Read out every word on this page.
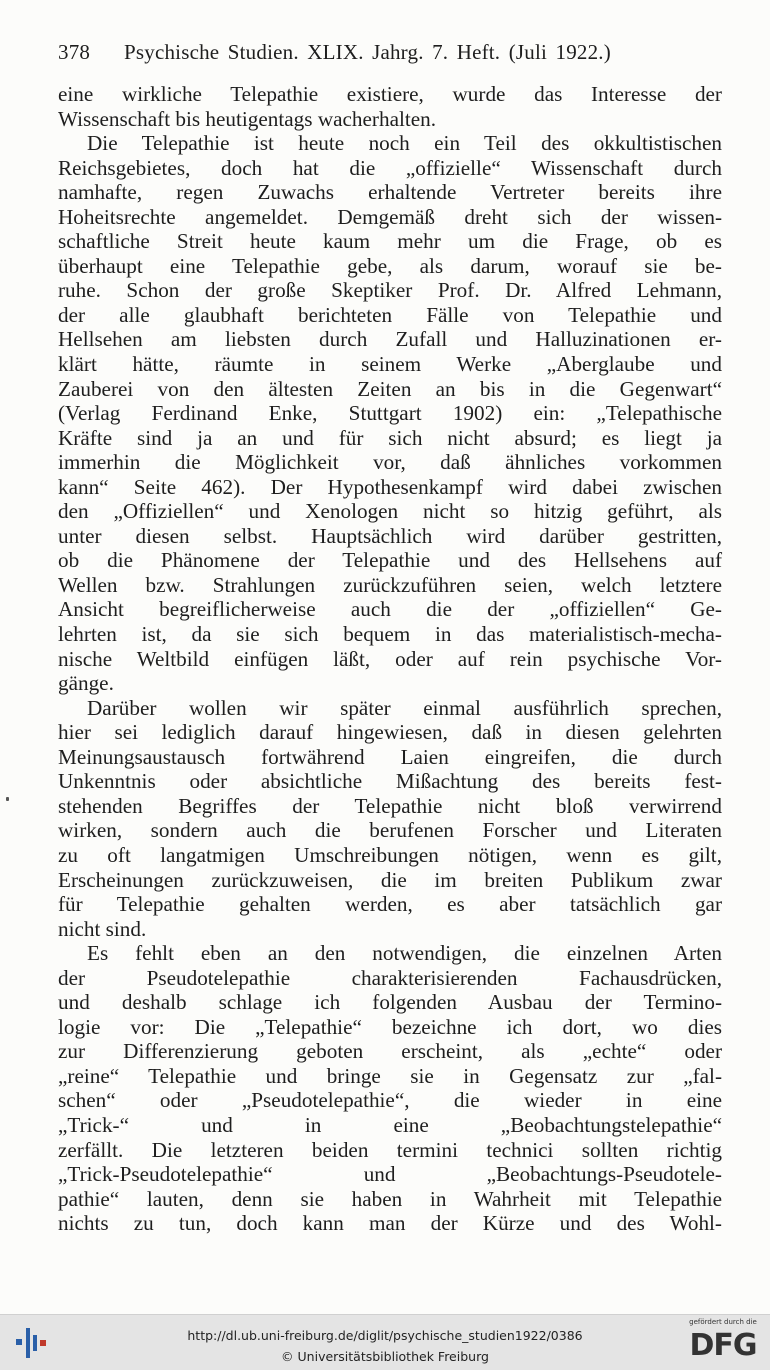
378 Psychische Studien. XLIX. Jahrg. 7. Heft. (Juli 1922.)
eine wirkliche Telepathie existiere, wurde das Interesse der
Wissenschaft bis heutigentags wacherhalten.
Die Telepathie ist heute noch ein Teil des okkultistischen
Reichsgebietes, doch hat die „offizielle“ Wissenschaft durch
namhafte, regen Zuwachs erhaltende Vertreter bereits ihre
Hoheitsrechte angemeldet. Demgemäß dreht sich der wissen-
schaftliche Streit heute kaum mehr um die Frage, ob es
überhaupt eine Telepathie gebe, als darum, worauf sie be-
ruhe. Schon der große Skeptiker Prof. Dr. Alfred Lehmann,
der alle glaubhaft berichteten Fälle von Telepathie und
Hellsehen am liebsten durch Zufall und Halluzinationen er-
klärt hätte, räumte in seinem Werke „Aberglaube und
Zauberei von den ältesten Zeiten an bis in die Gegenwart“
(Verlag Ferdinand Enke, Stuttgart 1902) ein: „Telepathische
Kräfte sind ja an und für sich nicht absurd; es liegt ja
immerhin die Möglichkeit vor, daß ähnliches vorkommen
kann“ Seite 462). Der Hypothesenkampf wird dabei zwischen
den „Offiziellen“ und Xenologen nicht so hitzig geführt, als
unter diesen selbst. Hauptsächlich wird darüber gestritten,
ob die Phänomene der Telepathie und des Hellsehens auf
Wellen bzw. Strahlungen zurückzuführen seien, welch letztere
Ansicht begreiflicherweise auch die der „offiziellen“ Ge-
lehrten ist, da sie sich bequem in das materialistisch-mecha-
nische Weltbild einfügen läßt, oder auf rein psychische Vor-
gänge.
Darüber wollen wir später einmal ausführlich sprechen,
hier sei lediglich darauf hingewiesen, daß in diesen gelehrten
Meinungsaustausch fortwährend Laien eingreifen, die durch
Unkenntnis oder absichtliche Mißachtung des bereits fest-
stehenden Begriffes der Telepathie nicht bloß verwirrend
wirken, sondern auch die berufenen Forscher und Literaten
zu oft langatmigen Umschreibungen nötigen, wenn es gilt,
Erscheinungen zurückzuweisen, die im breiten Publikum zwar
für Telepathie gehalten werden, es aber tatsächlich gar
nicht sind.
Es fehlt eben an den notwendigen, die einzelnen Arten
der Pseudotelepathie charakterisierenden Fachausdrücken,
und deshalb schlage ich folgenden Ausbau der Termino-
logie vor: Die „Telepathie“ bezeichne ich dort, wo dies
zur Differenzierung geboten erscheint, als „echte“ oder
„reine“ Telepathie und bringe sie in Gegensatz zur „fal-
schen“ oder „Pseudotelepathie“, die wieder in eine
„Trick-“ und in eine „Beobachtungstelepathie“
zerfällt. Die letzteren beiden termini technici sollten richtig
„Trick-Pseudotelepathie“ und „Beobachtungs-Pseudotele-
pathie“ lauten, denn sie haben in Wahrheit mit Telepathie
nichts zu tun, doch kann man der Kürze und des Wohl-
http://dl.ub.uni-freiburg.de/diglit/psychische_studien1922/0386
© Universitätsbibliothek Freiburg
gefördert durch die
DFG
